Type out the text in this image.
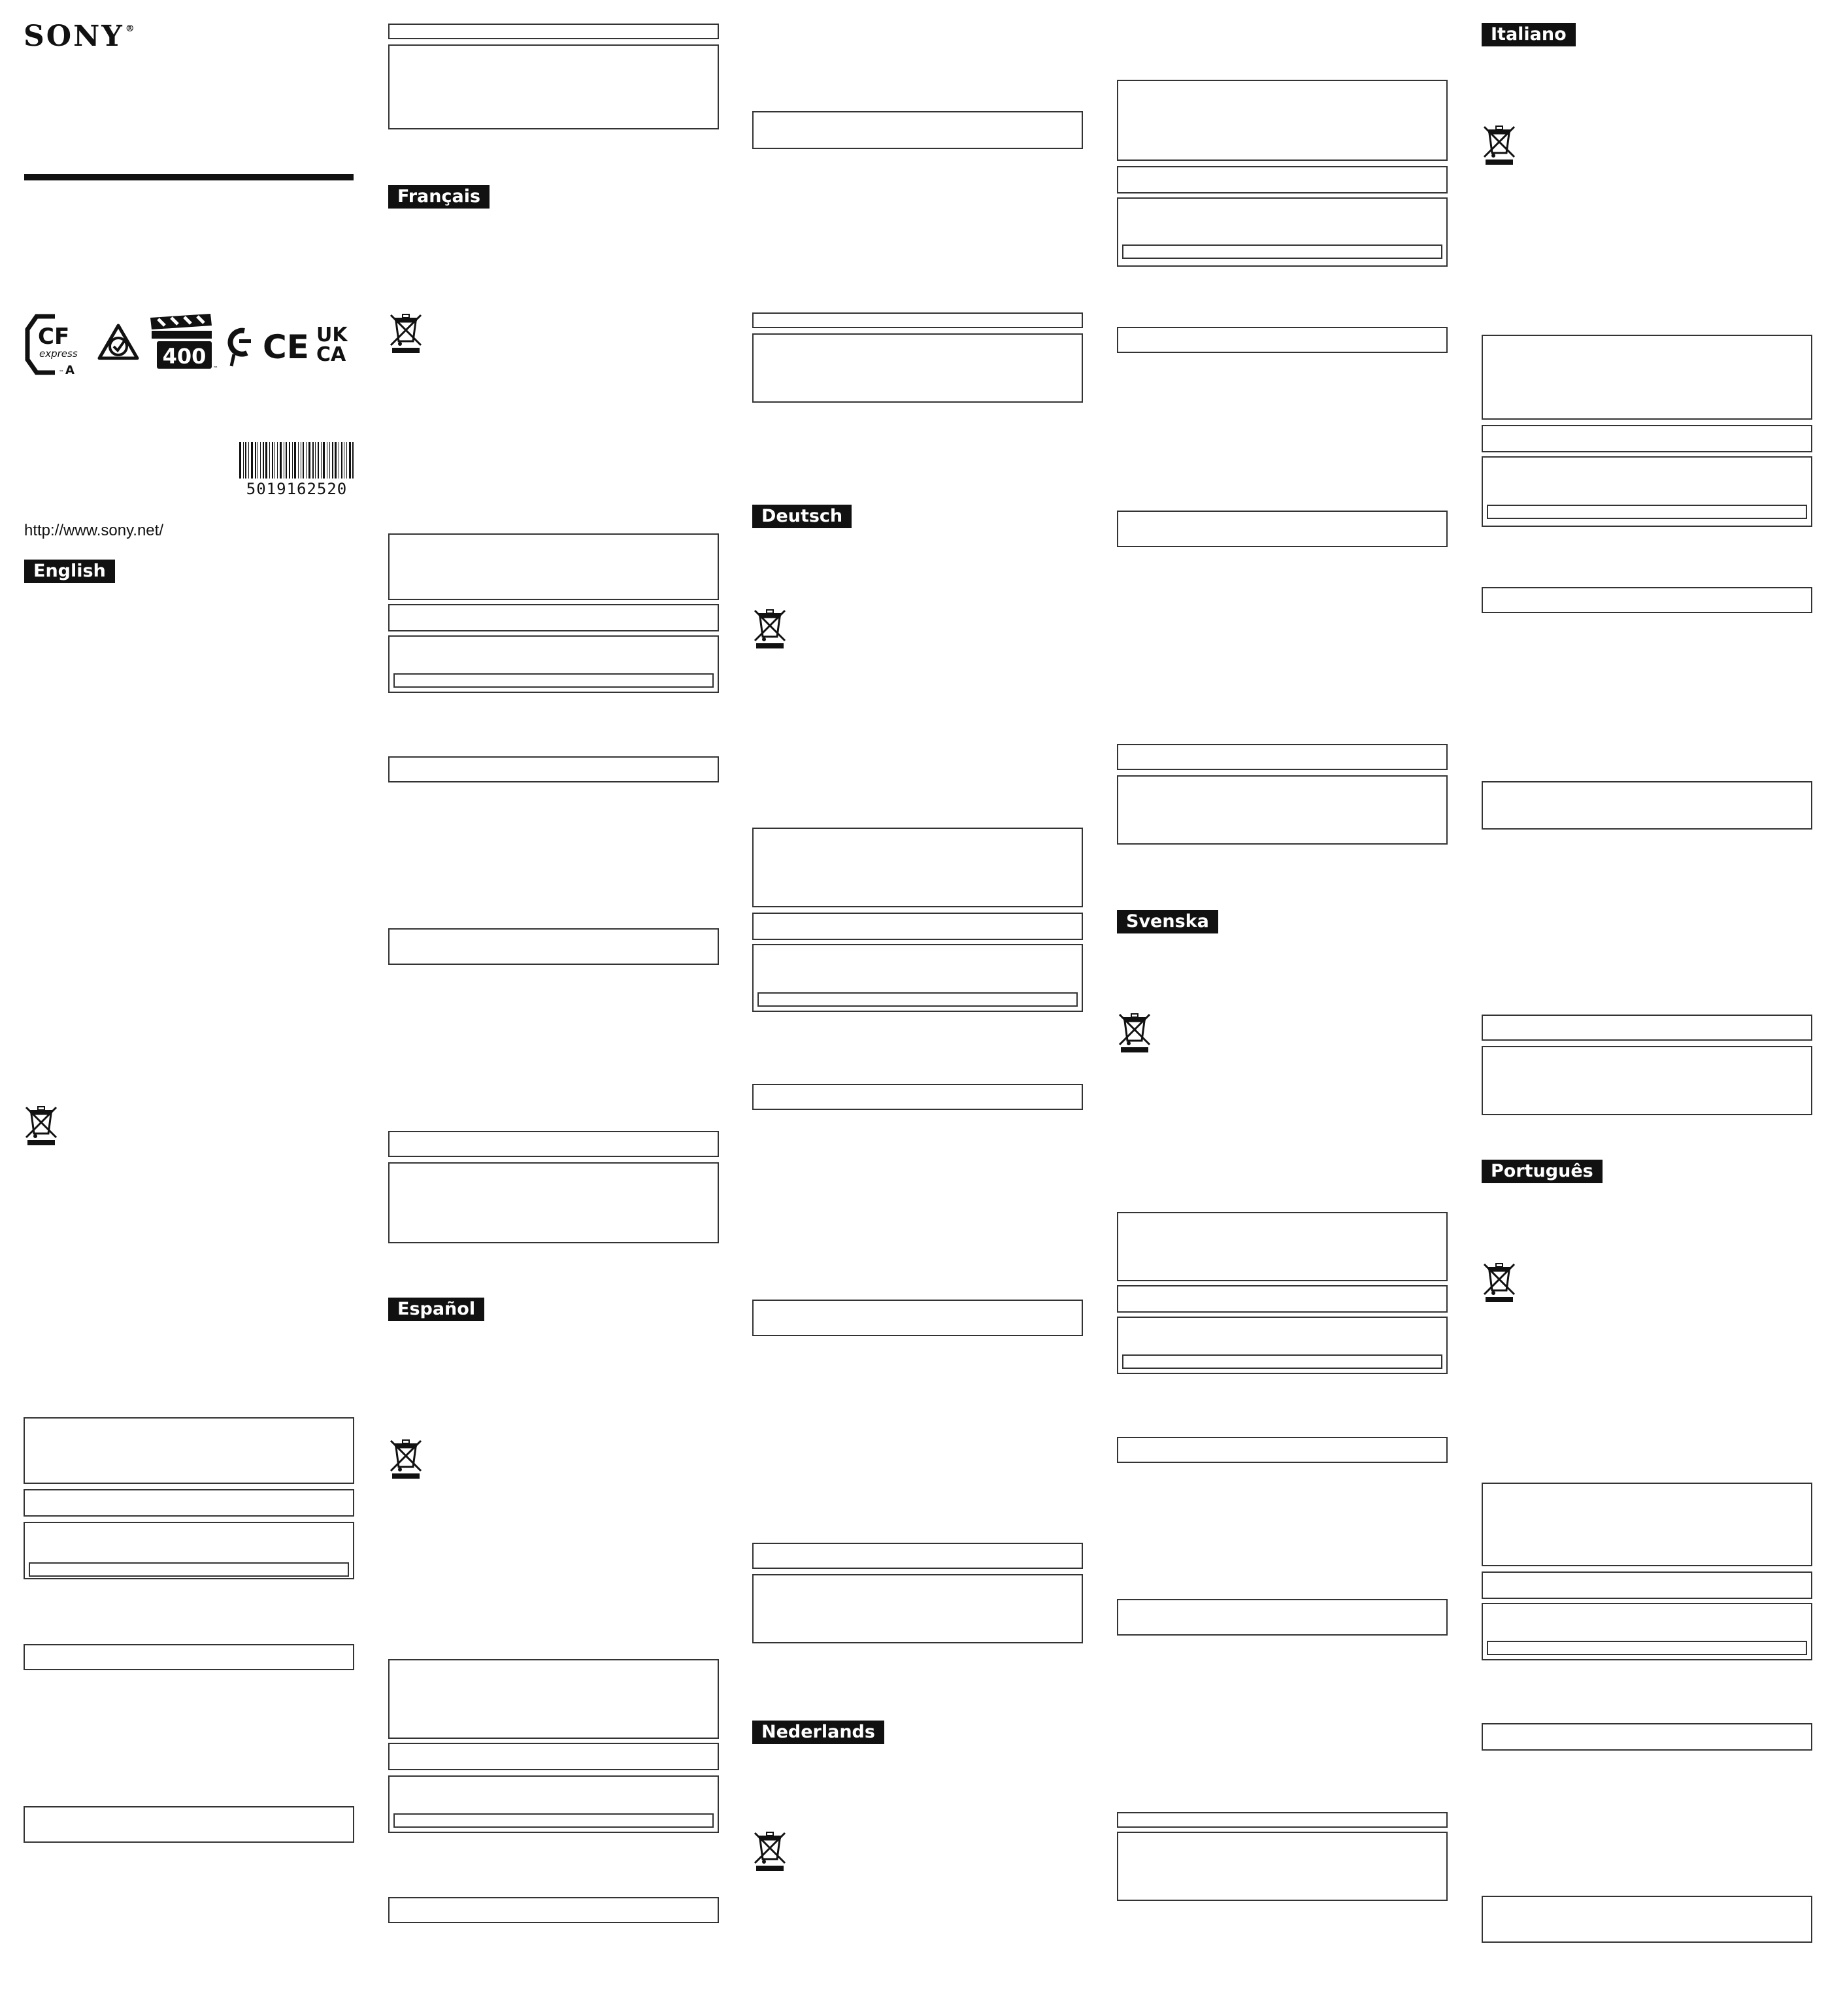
SONY ®
CF
express
A
™
400 ™
CE UK
CA
5019162520
http://www.sony.net/
English
Français
Español
Deutsch
Nederlands
Svenska
Italiano
Português
